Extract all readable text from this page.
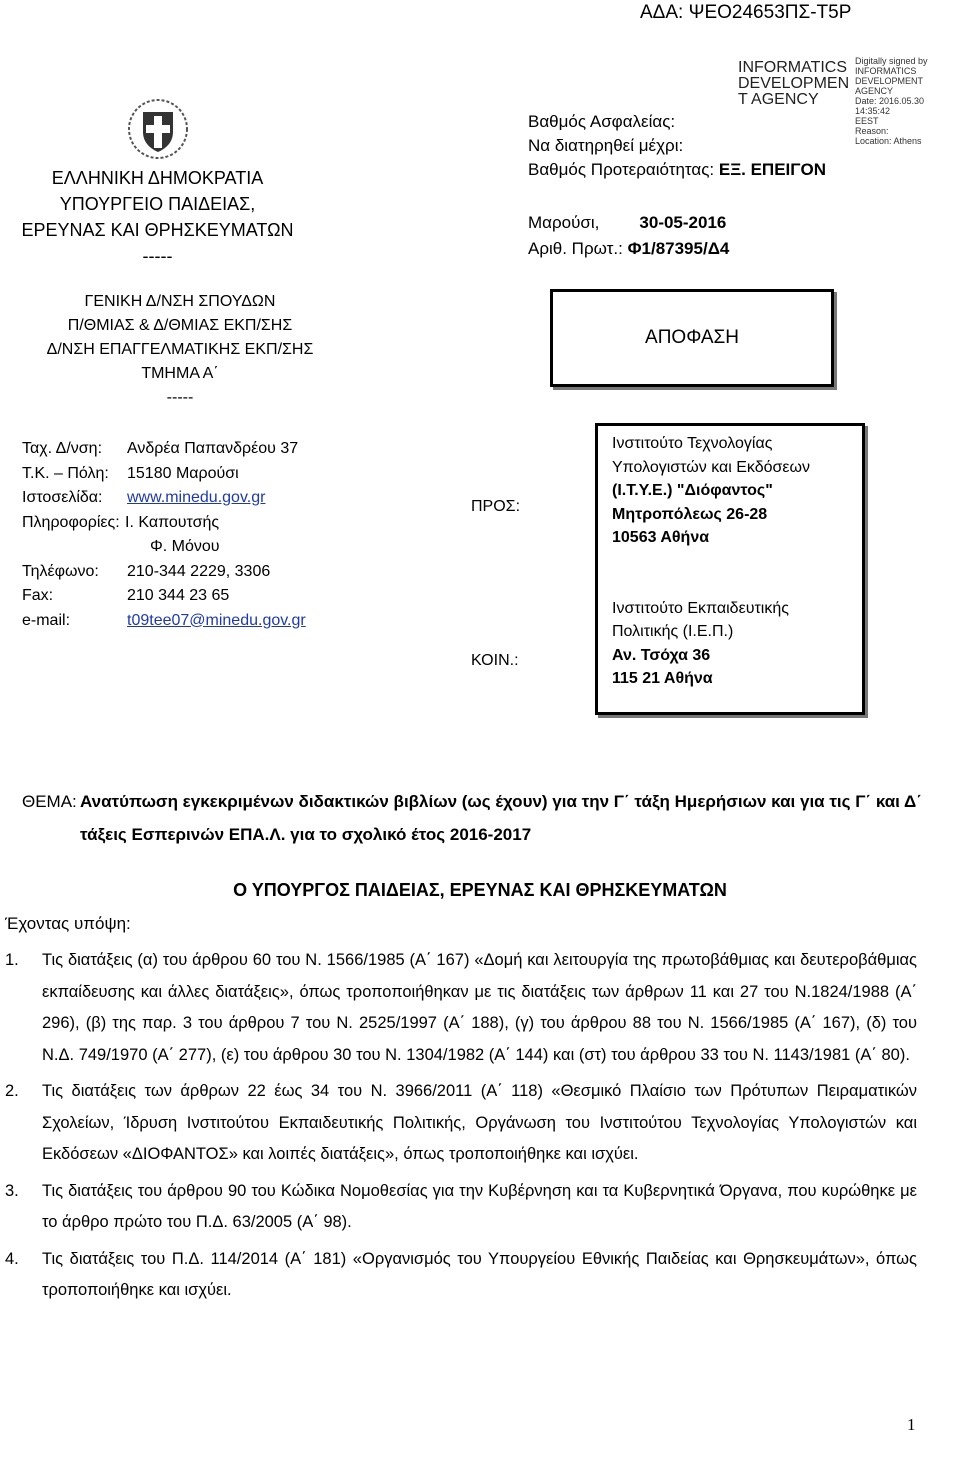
ΑΔΑ: ΨΕΟ24653ΠΣ-Τ5Ρ
ΕΛΛΗΝΙΚΗ ΔΗΜΟΚΡΑΤΙΑ
ΥΠΟΥΡΓΕΙΟ ΠΑΙΔΕΙΑΣ,
ΕΡΕΥΝΑΣ ΚΑΙ ΘΡΗΣΚΕΥΜΑΤΩΝ
-----
Βαθμός Ασφαλείας:
Να διατηρηθεί μέχρι:
Βαθμός Προτεραιότητας: ΕΞ. ΕΠΕΙΓΟΝ
INFORMATICS
DEVELOPMEN
T AGENCY
Digitally signed by
INFORMATICS
DEVELOPMENT AGENCY
Date: 2016.05.30 14:35:42
EEST
Reason:
Location: Athens
Μαρούσι, 30-05-2016
Αριθ. Πρωτ.: Φ1/87395/Δ4
ΓΕΝΙΚΗ Δ/ΝΣΗ ΣΠΟΥΔΩΝ
Π/ΘΜΙΑΣ & Δ/ΘΜΙΑΣ ΕΚΠ/ΣΗΣ
Δ/ΝΣΗ ΕΠΑΓΓΕΛΜΑΤΙΚΗΣ ΕΚΠ/ΣΗΣ
ΤΜΗΜΑ Α΄
-----
ΑΠΟΦΑΣΗ
Ταχ. Δ/νση: Ανδρέα Παπανδρέου 37
Τ.Κ. – Πόλη: 15180 Μαρούσι
Ιστοσελίδα: www.minedu.gov.gr
Πληροφορίες: Ι. Καπουτσής
Φ. Μόνου
Τηλέφωνο: 210-344 2229, 3306
Fax:	210 344 23 65
e-mail:	t09tee07@minedu.gov.gr
ΠΡΟΣ:
ΚΟΙΝ.:
Ινστιτούτο Τεχνολογίας
Υπολογιστών και Εκδόσεων
(Ι.Τ.Υ.Ε.) "Διόφαντος"
Μητροπόλεως 26-28
10563 Αθήνα
Ινστιτούτο Εκπαιδευτικής
Πολιτικής (Ι.Ε.Π.)
Αν. Τσόχα 36
115 21 Αθήνα
ΘΕΜΑ: Ανατύπωση εγκεκριμένων διδακτικών βιβλίων (ως έχουν) για την Γ΄ τάξη Ημερήσιων και για τις Γ΄ και Δ΄ τάξεις Εσπερινών ΕΠΑ.Λ. για το σχολικό έτος 2016-2017
Ο ΥΠΟΥΡΓΟΣ ΠΑΙΔΕΙΑΣ, ΕΡΕΥΝΑΣ ΚΑΙ ΘΡΗΣΚΕΥΜΑΤΩΝ
Έχοντας υπόψη:
1. Τις διατάξεις (α) του άρθρου 60 του Ν. 1566/1985 (Α΄ 167) «Δομή και λειτουργία της πρωτοβάθμιας και δευτεροβάθμιας εκπαίδευσης και άλλες διατάξεις», όπως τροποποιήθηκαν με τις διατάξεις των άρθρων 11 και 27 του Ν.1824/1988 (Α΄ 296), (β) της παρ. 3 του άρθρου 7 του Ν. 2525/1997 (Α΄ 188), (γ) του άρθρου 88 του Ν. 1566/1985 (Α΄ 167), (δ) του Ν.Δ. 749/1970 (Α΄ 277), (ε) του άρθρου 30 του Ν. 1304/1982 (Α΄ 144) και (στ) του άρθρου 33 του Ν. 1143/1981 (Α΄ 80).
2. Τις διατάξεις των άρθρων 22 έως 34 του Ν. 3966/2011 (Α΄ 118) «Θεσμικό Πλαίσιο των Πρότυπων Πειραματικών Σχολείων, Ίδρυση Ινστιτούτου Εκπαιδευτικής Πολιτικής, Οργάνωση του Ινστιτούτου Τεχνολογίας Υπολογιστών και Εκδόσεων «ΔΙΟΦΑΝΤΟΣ» και λοιπές διατάξεις», όπως τροποποιήθηκε και ισχύει.
3. Τις διατάξεις του άρθρου 90 του Κώδικα Νομοθεσίας για την Κυβέρνηση και τα Κυβερνητικά Όργανα, που κυρώθηκε με το άρθρο πρώτο του Π.Δ. 63/2005 (Α΄ 98).
4. Τις διατάξεις του Π.Δ. 114/2014 (Α΄ 181) «Οργανισμός του Υπουργείου Εθνικής Παιδείας και Θρησκευμάτων», όπως τροποποιήθηκε και ισχύει.
1
